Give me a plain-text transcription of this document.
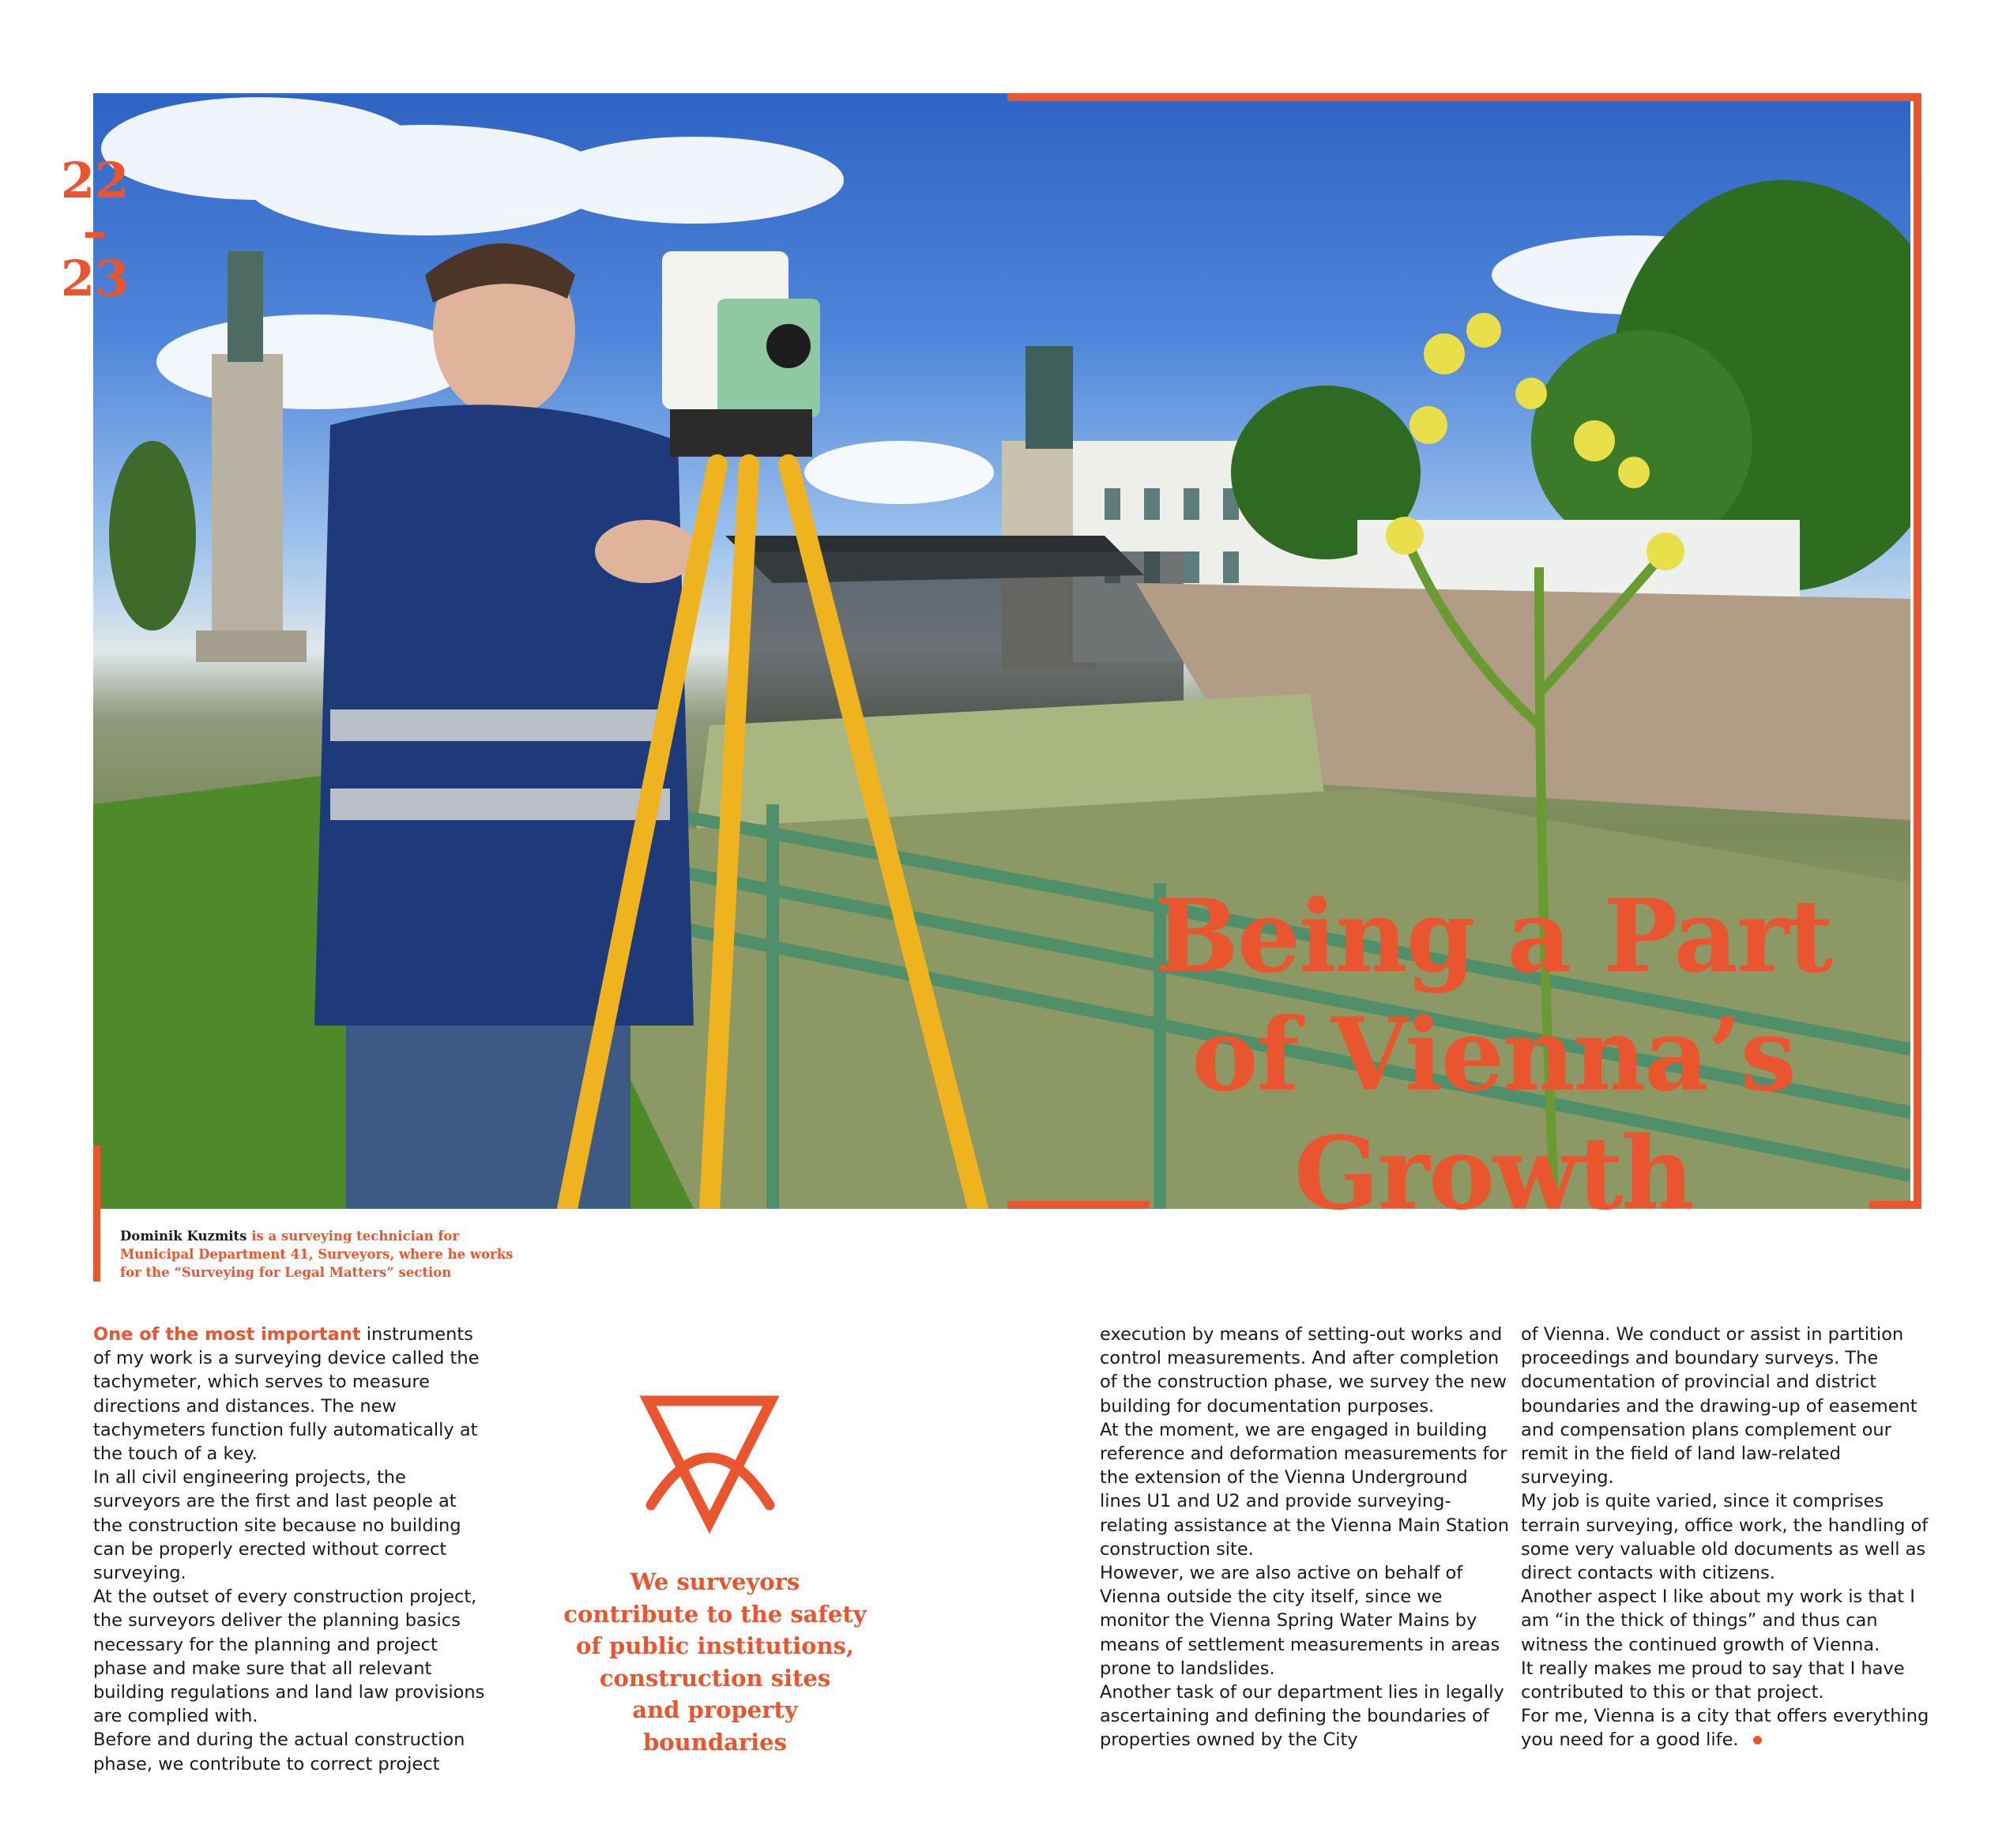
22
–
23
Being a Part
of Vienna’s
Growth
Dominik Kuzmits is a surveying technician for Municipal Department 41, Surveyors, where he works for the “Surveying for Legal Matters” section

One of the most important instruments of my work is a surveying device called the tachymeter, which serves to measure directions and distances. The new tachymeters function fully automatically at the touch of a key.

In all civil engineering projects, the surveyors are the first and last people at the construction site because no building can be properly erected without correct surveying.

At the outset of every construction project, the surveyors deliver the planning basics necessary for the planning and project phase and make sure that all relevant building regulations and land law provisions are complied with.

Before and during the actual construction phase, we contribute to correct project

We surveyors
contribute to the safety
of public institutions,
construction sites
and property
boundaries

execution by means of setting-out works and control measurements. And after completion of the construction phase, we survey the new building for documentation purposes.

At the moment, we are engaged in building reference and deformation measurements for the extension of the Vienna Underground lines U1 and U2 and provide surveying-relating assistance at the Vienna Main Station construction site.

However, we are also active on behalf of Vienna outside the city itself, since we monitor the Vienna Spring Water Mains by means of settlement measurements in areas prone to landslides.

Another task of our department lies in legally ascertaining and defining the boundaries of properties owned by the City

of Vienna. We conduct or assist in partition proceedings and boundary surveys. The documentation of provincial and district boundaries and the drawing-up of easement and compensation plans complement our remit in the field of land law-related surveying.

My job is quite varied, since it comprises terrain surveying, office work, the handling of some very valuable old documents as well as direct contacts with citizens.

Another aspect I like about my work is that I am “in the thick of things” and thus can witness the continued growth of Vienna.

It really makes me proud to say that I have contributed to this or that project.

For me, Vienna is a city that offers everything you need for a good life.
